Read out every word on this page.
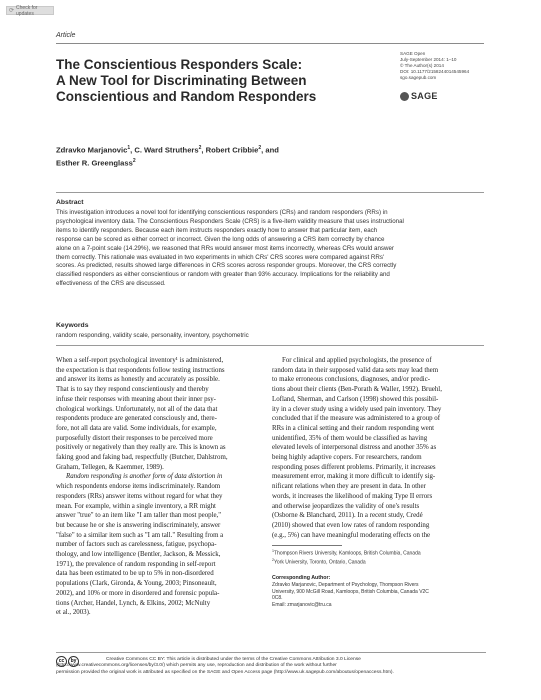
⟳
Check for updates
Article
The Conscientious Responders Scale:
A New Tool for Discriminating Between
Conscientious and Random Responders
SAGE Open
July-September 2014: 1–10
© The Author(s) 2014
DOI: 10.1177/2158244014545964
sgo.sagepub.com
SAGE
Zdravko Marjanovic$^1$, C. Ward Struthers$^2$, Robert Cribbie$^2$, and
Esther R. Greenglass$^2$
Abstract
This investigation introduces a novel tool for identifying conscientious responders (CRs) and random responders (RRs) in
psychological inventory data. The Conscientious Responders Scale (CRS) is a five-item validity measure that uses instructional
items to identify responders. Because each item instructs responders exactly how to answer that particular item, each
response can be scored as either correct or incorrect. Given the long odds of answering a CRS item correctly by chance
alone on a 7-point scale (14.29%), we reasoned that RRs would answer most items incorrectly, whereas CRs would answer
them correctly. This rationale was evaluated in two experiments in which CRs' CRS scores were compared against RRs'
scores. As predicted, results showed large differences in CRS scores across responder groups. Moreover, the CRS correctly
classified responders as either conscientious or random with greater than 93% accuracy. Implications for the reliability and
effectiveness of the CRS are discussed.
Keywords
random responding, validity scale, personality, inventory, psychometric
When a self-report psychological inventory¹ is administered,
the expectation is that respondents follow testing instructions
and answer its items as honestly and accurately as possible.
That is to say they respond conscientiously and thereby
infuse their responses with meaning about their inner psy-
chological workings. Unfortunately, not all of the data that
respondents produce are generated consciously and, there-
fore, not all data are valid. Some individuals, for example,
purposefully distort their responses to be perceived more
positively or negatively than they really are. This is known as
faking good and faking bad, respectfully (Butcher, Dahlstrom,
Graham, Tellegen, & Kaemmer, 1989).
Random responding is another form of data distortion in
which respondents endorse items indiscriminately. Random
responders (RRs) answer items without regard for what they
mean. For example, within a single inventory, a RR might
answer "true" to an item like "I am taller than most people,"
but because he or she is answering indiscriminately, answer
"false" to a similar item such as "I am tall." Resulting from a
number of factors such as carelessness, fatigue, psychopa-
thology, and low intelligence (Bentler, Jackson, & Messick,
1971), the prevalence of random responding in self-report
data has been estimated to be up to 5% in non-disordered
populations (Clark, Gironda, & Young, 2003; Pinsoneault,
2002), and 10% or more in disordered and forensic popula-
tions (Archer, Handel, Lynch, & Elkins, 2002; McNulty
et al., 2003).
For clinical and applied psychologists, the presence of
random data in their supposed valid data sets may lead them
to make erroneous conclusions, diagnoses, and/or predic-
tions about their clients (Ben-Porath & Waller, 1992). Bruehl,
Lofland, Sherman, and Carlson (1998) showed this possibil-
ity in a clever study using a widely used pain inventory. They
concluded that if the measure was administered to a group of
RRs in a clinical setting and their random responding went
unidentified, 35% of them would be classified as having
elevated levels of interpersonal distress and another 35% as
being highly adaptive copers. For researchers, random
responding poses different problems. Primarily, it increases
measurement error, making it more difficult to identify sig-
nificant relations when they are present in data. In other
words, it increases the likelihood of making Type II errors
and otherwise jeopardizes the validity of one's results
(Osborne & Blanchard, 2011). In a recent study, Credé
(2010) showed that even low rates of random responding
(e.g., 5%) can have meaningful moderating effects on the
$^1$Thompson Rivers University, Kamloops, British Columbia, Canada
$^2$York University, Toronto, Ontario, Canada
Corresponding Author:
Zdravko Marjanovic, Department of Psychology, Thompson Rivers
University, 900 McGill Road, Kamloops, British Columbia, Canada V2C
0C8.
Email: zmarjanovic@tru.ca
cc	by	Creative Commons CC BY: This article is distributed under the terms of the Creative Commons Attribution 3.0 License
(http://www.creativecommons.org/licenses/by/3.0/) which permits any use, reproduction and distribution of the work without further
permission provided the original work is attributed as specified on the SAGE and Open Access page (http://www.uk.sagepub.com/aboutus/openaccess.htm).
